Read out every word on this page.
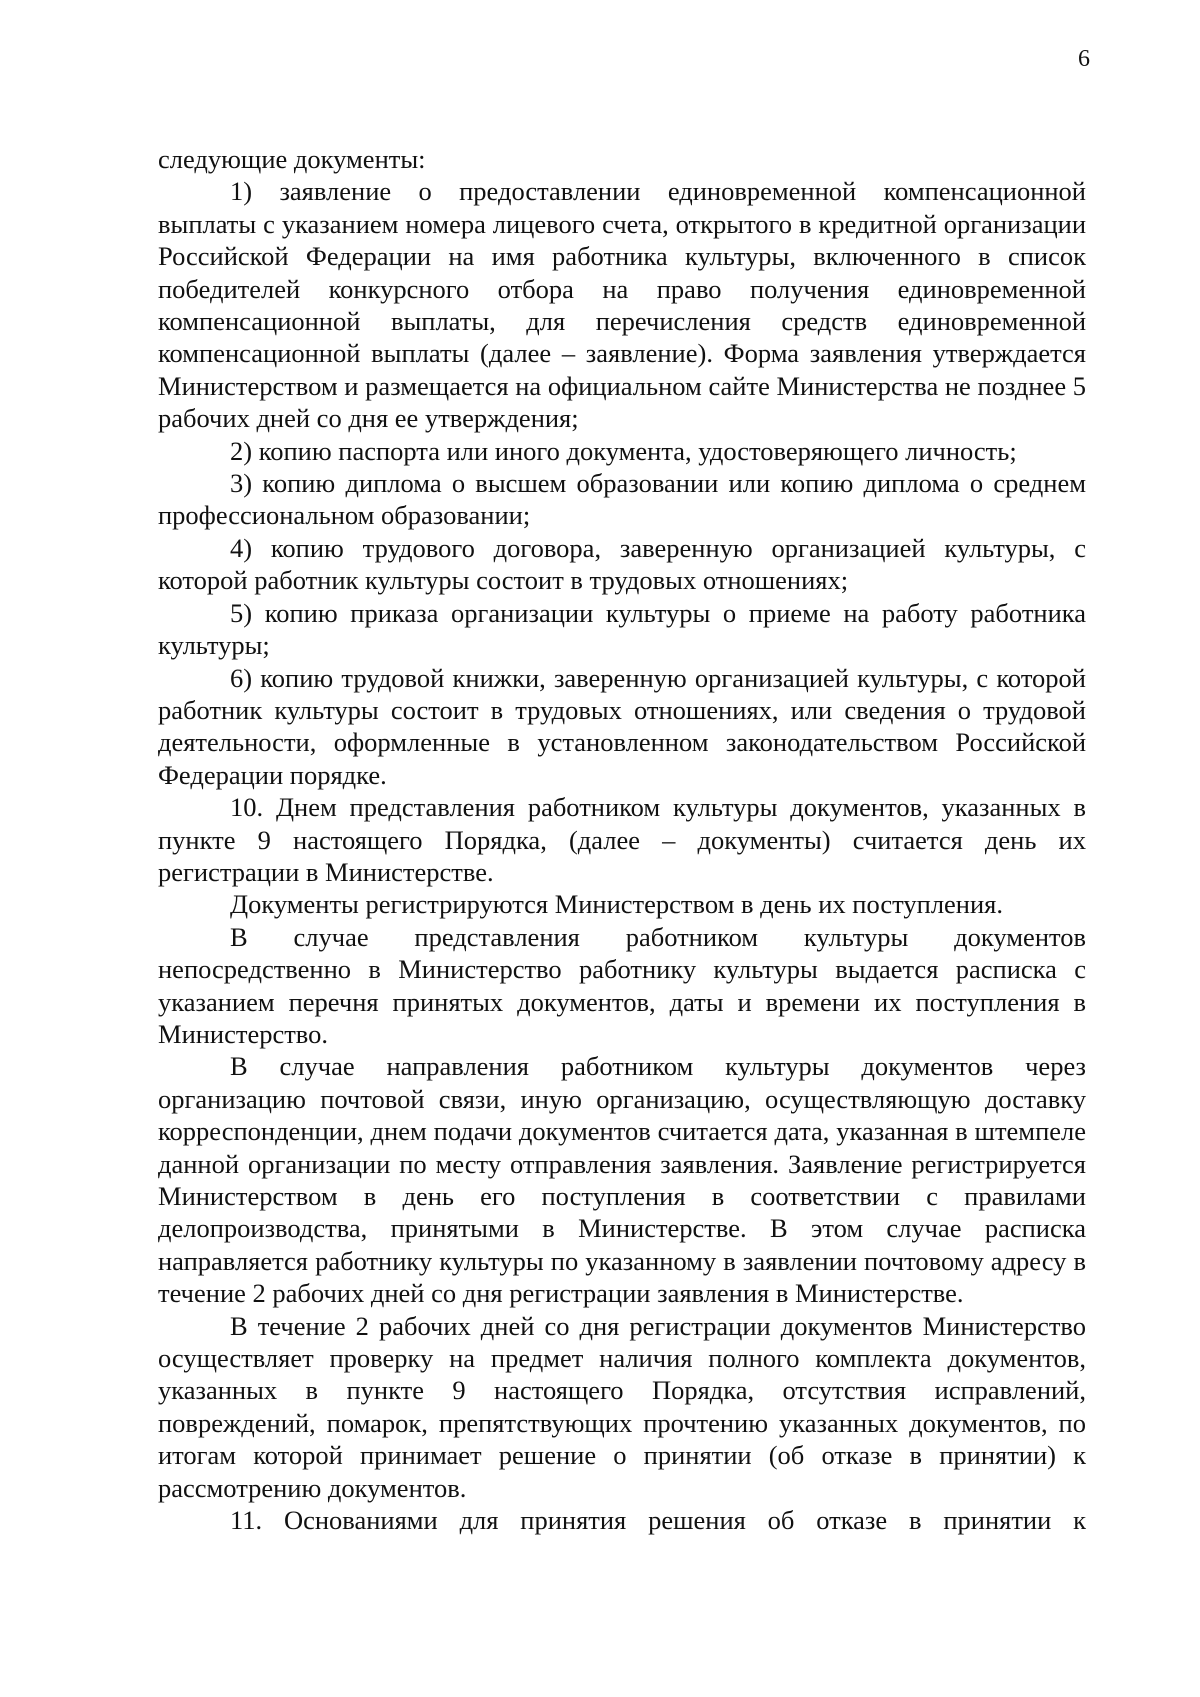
6

следующие документы:

1) заявление о предоставлении единовременной компенсационной выплаты с указанием номера лицевого счета, открытого в кредитной организации Российской Федерации на имя работника культуры, включенного в список победителей конкурсного отбора на право получения единовременной компенсационной выплаты, для перечисления средств единовременной компенсационной выплаты (далее – заявление). Форма заявления утверждается Министерством и размещается на официальном сайте Министерства не позднее 5 рабочих дней со дня ее утверждения;

2) копию паспорта или иного документа, удостоверяющего личность;

3) копию диплома о высшем образовании или копию диплома о среднем профессиональном образовании;

4) копию трудового договора, заверенную организацией культуры, с которой работник культуры состоит в трудовых отношениях;

5) копию приказа организации культуры о приеме на работу работника культуры;

6) копию трудовой книжки, заверенную организацией культуры, с которой работник культуры состоит в трудовых отношениях, или сведения о трудовой деятельности, оформленные в установленном законодательством Российской Федерации порядке.

10. Днем представления работником культуры документов, указанных в пункте 9 настоящего Порядка, (далее – документы) считается день их регистрации в Министерстве.

Документы регистрируются Министерством в день их поступления.

В случае представления работником культуры документов непосредственно в Министерство работнику культуры выдается расписка с указанием перечня принятых документов, даты и времени их поступления в Министерство.

В случае направления работником культуры документов через организацию почтовой связи, иную организацию, осуществляющую доставку корреспонденции, днем подачи документов считается дата, указанная в штемпеле данной организации по месту отправления заявления. Заявление регистрируется Министерством в день его поступления в соответствии с правилами делопроизводства, принятыми в Министерстве. В этом случае расписка направляется работнику культуры по указанному в заявлении почтовому адресу в течение 2 рабочих дней со дня регистрации заявления в Министерстве.

В течение 2 рабочих дней со дня регистрации документов Министерство осуществляет проверку на предмет наличия полного комплекта документов, указанных в пункте 9 настоящего Порядка, отсутствия исправлений, повреждений, помарок, препятствующих прочтению указанных документов, по итогам которой принимает решение о принятии (об отказе в принятии) к рассмотрению документов.

11. Основаниями для принятия решения об отказе в принятии к
